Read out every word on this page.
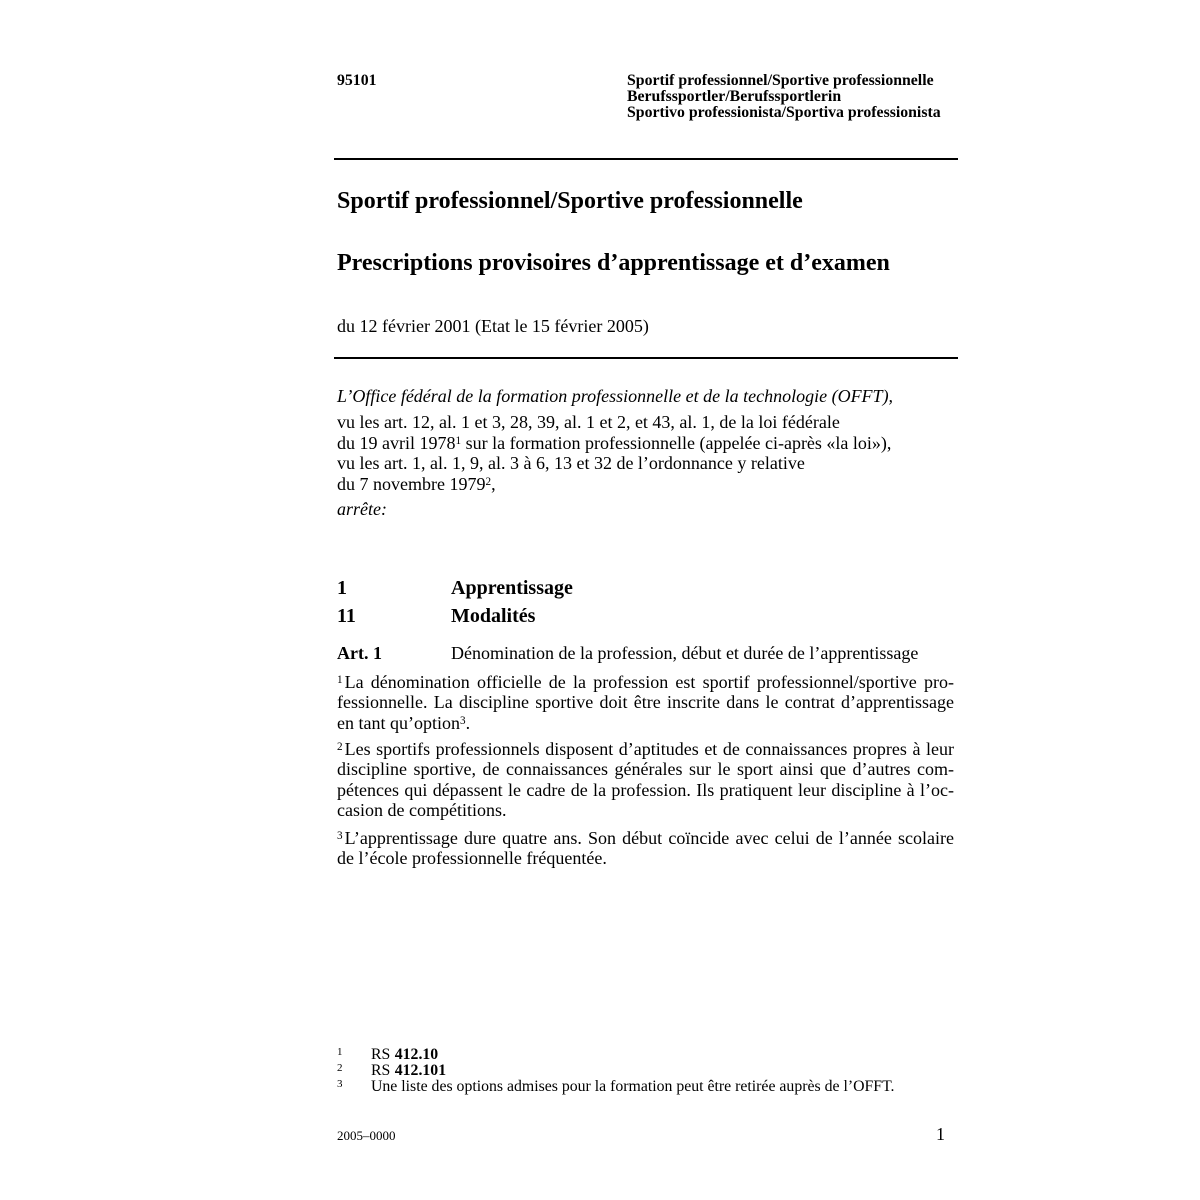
95101	Sportif professionnel/Sportive professionnelle
Berufssportler/Berufssportlerin
Sportivo professionista/Sportiva professionista
Sportif professionnel/Sportive professionnelle
Prescriptions provisoires d’apprentissage et d’examen
du 12 février 2001 (Etat le 15 février 2005)
L’Office fédéral de la formation professionnelle et de la technologie (OFFT),
vu les art. 12, al. 1 et 3, 28, 39, al. 1 et 2, et 43, al. 1, de la loi fédérale
du 19 avril 1978$^1$ sur la formation professionnelle (appelée ci-après «la loi»),
vu les art. 1, al. 1, 9, al. 3 à 6, 13 et 32 de l’ordonnance y relative
du 7 novembre 1979$^2$,
arrête:
1	Apprentissage
11	Modalités
Art. 1	Dénomination de la profession, début et durée de l’apprentissage
$^1$ La dénomination officielle de la profession est sportif professionnel/sportive pro-
fessionnelle. La discipline sportive doit être inscrite dans le contrat d’apprentissage
en tant qu’option$^3$.
$^2$ Les sportifs professionnels disposent d’aptitudes et de connaissances propres à leur
discipline sportive, de connaissances générales sur le sport ainsi que d’autres com-
pétences qui dépassent le cadre de la profession. Ils pratiquent leur discipline à l’oc-
casion de compétitions.
$^3$ L’apprentissage dure quatre ans. Son début coïncide avec celui de l’année scolaire
de l’école professionnelle fréquentée.
1 RS 412.10
2 RS 412.101
3 Une liste des options admises pour la formation peut être retirée auprès de l’OFFT.
2005–0000	1
